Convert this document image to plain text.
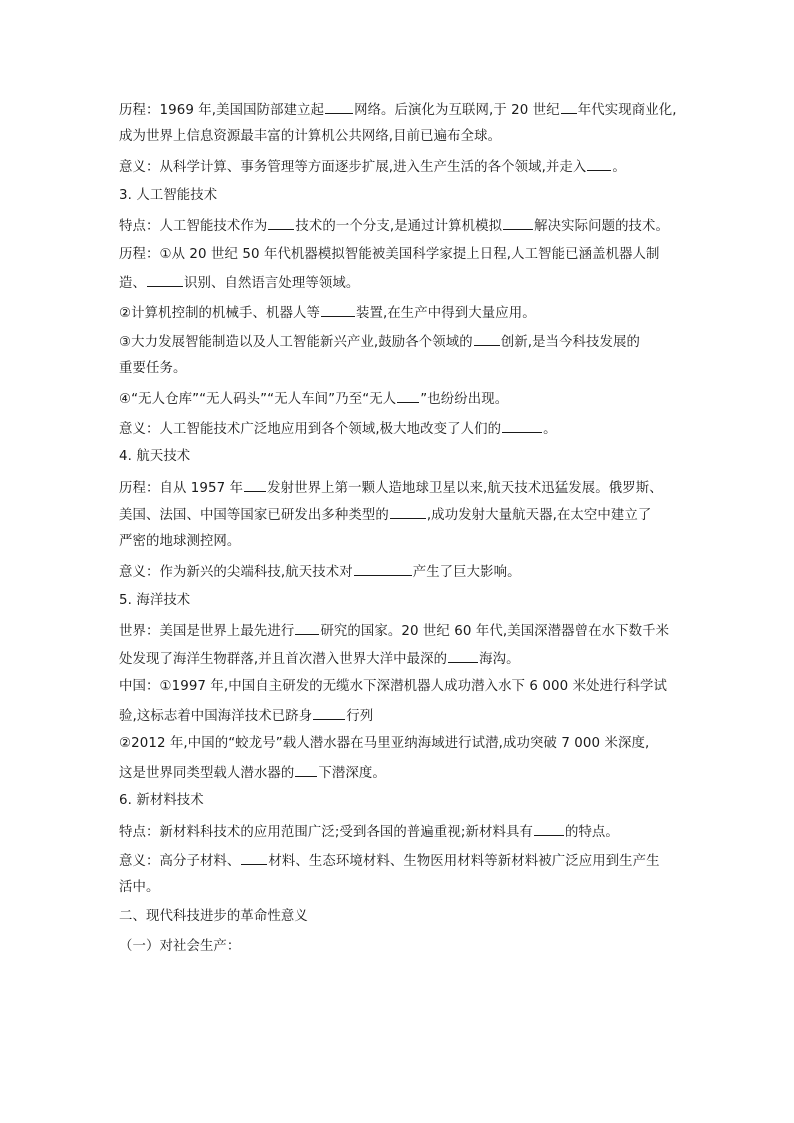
历程：1969 年,美国国防部建立起 网络。后演化为互联网,于 20 世纪 年代实现商业化,
成为世界上信息资源最丰富的计算机公共网络,目前已遍布全球。
意义：从科学计算、事务管理等方面逐步扩展,进入生产生活的各个领域,并走入 。
3. 人工智能技术
特点：人工智能技术作为 技术的一个分支,是通过计算机模拟 解决实际问题的技术。
历程：①从 20 世纪 50 年代机器模拟智能被美国科学家提上日程,人工智能已涵盖机器人制
造、	识别、自然语言处理等领域。
②计算机控制的机械手、机器人等	装置,在生产中得到大量应用。
③大力发展智能制造以及人工智能新兴产业,鼓励各个领域的 创新,是当今科技发展的
重要任务。
④“无人仓库”“无人码头”“无人车间”乃至“无人 ”也纷纷出现。
意义：人工智能技术广泛地应用到各个领域,极大地改变了人们的	。
4. 航天技术
历程：自从 1957 年 发射世界上第一颗人造地球卫星以来,航天技术迅猛发展。俄罗斯、
美国、法国、中国等国家已研发出多种类型的	,成功发射大量航天器,在太空中建立了
严密的地球测控网。
意义：作为新兴的尖端科技,航天技术对	产生了巨大影响。
5. 海洋技术
世界：美国是世界上最先进行 研究的国家。20 世纪 60 年代,美国深潜器曾在水下数千米
处发现了海洋生物群落,并且首次潜入世界大洋中最深的 海沟。
中国：①1997 年,中国自主研发的无缆水下深潜机器人成功潜入水下 6 000 米处进行科学试
验,这标志着中国海洋技术已跻身	行列
②2012 年,中国的“蛟龙号”载人潜水器在马里亚纳海域进行试潜,成功突破 7 000 米深度,
这是世界同类型载人潜水器的 下潜深度。
6. 新材料技术
特点：新材料科技术的应用范围广泛;受到各国的普遍重视;新材料具有 的特点。
意义：高分子材料、 材料、生态环境材料、生物医用材料等新材料被广泛应用到生产生
活中。
二、现代科技进步的革命性意义
（一）对社会生产：
